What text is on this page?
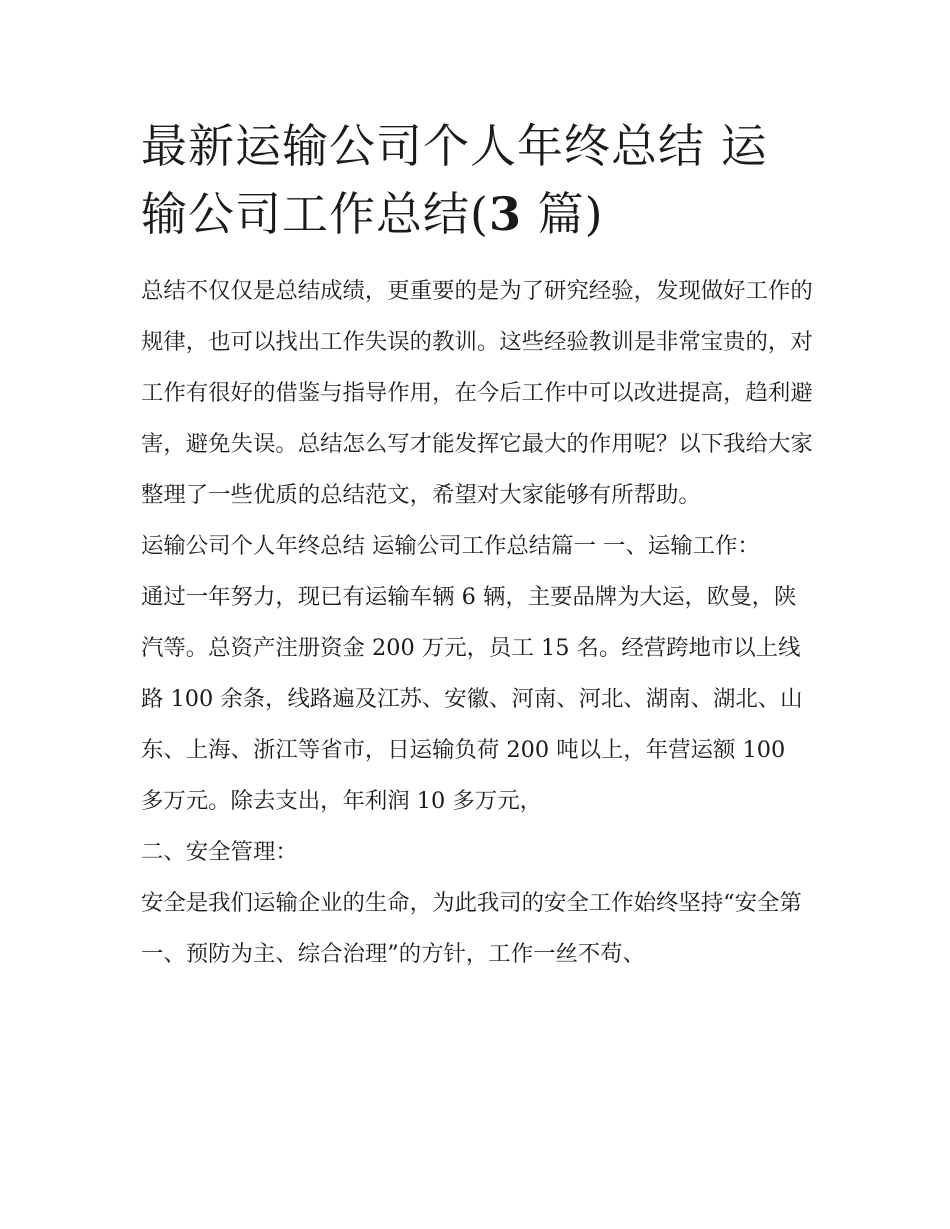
最新运输公司个人年终总结 运输公司工作总结(3 篇)

总结不仅仅是总结成绩，更重要的是为了研究经验，发现做好工作的规律，也可以找出工作失误的教训。这些经验教训是非常宝贵的，对工作有很好的借鉴与指导作用，在今后工作中可以改进提高，趋利避害，避免失误。总结怎么写才能发挥它最大的作用呢？以下我给大家整理了一些优质的总结范文，希望对大家能够有所帮助。

运输公司个人年终总结 运输公司工作总结篇一 一、运输工作：

通过一年努力，现已有运输车辆 6 辆，主要品牌为大运，欧曼，陕汽等。总资产注册资金 200 万元，员工 15 名。经营跨地市以上线路 100 余条，线路遍及江苏、安徽、河南、河北、湖南、湖北、山东、上海、浙江等省市，日运输负荷 200 吨以上，年营运额 100 多万元。除去支出，年利润 10 多万元，

二、安全管理：

安全是我们运输企业的生命，为此我司的安全工作始终坚持“安全第一、预防为主、综合治理”的方针，工作一丝不苟、
